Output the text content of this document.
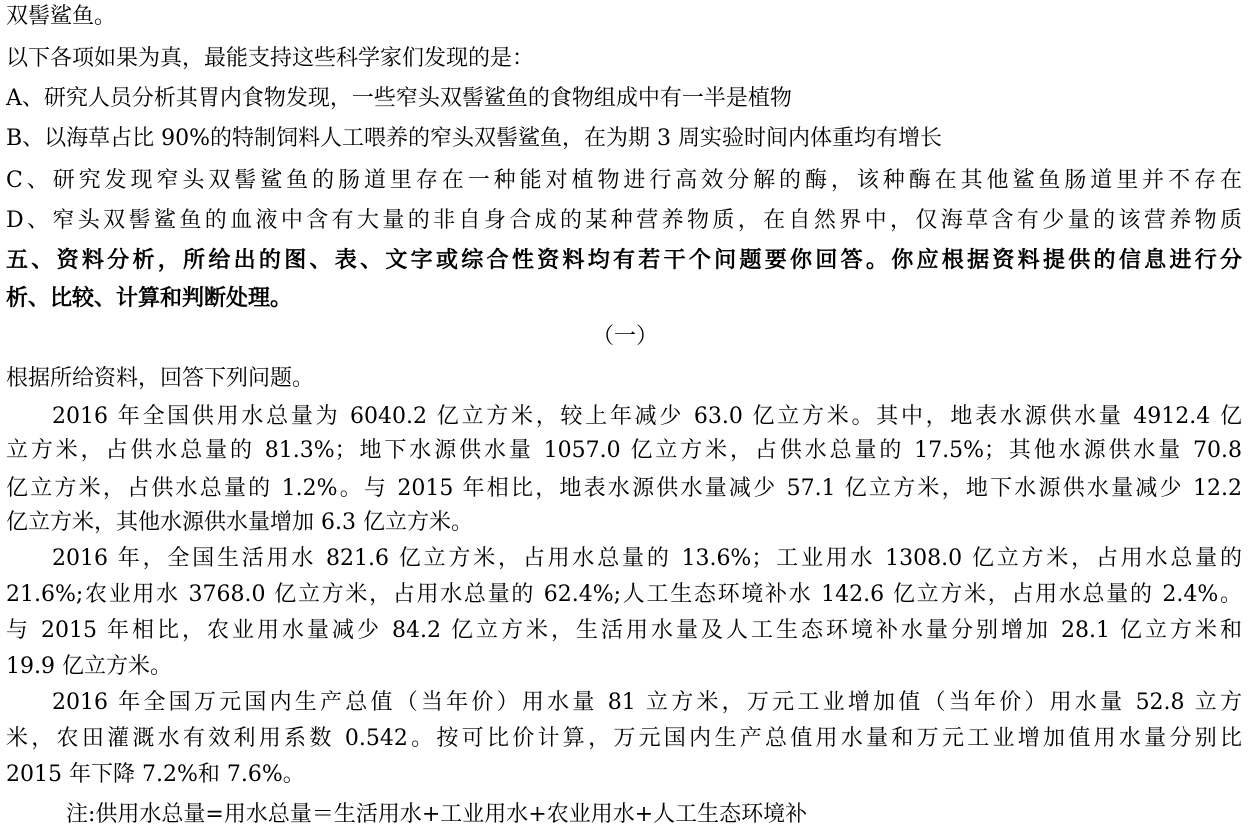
双髻鲨鱼。
以下各项如果为真，最能支持这些科学家们发现的是：
A、研究人员分析其胃内食物发现，一些窄头双髻鲨鱼的食物组成中有一半是植物
B、以海草占比 90%的特制饲料人工喂养的窄头双髻鲨鱼，在为期 3 周实验时间内体重均有增长
C、研究发现窄头双髻鲨鱼的肠道里存在一种能对植物进行高效分解的酶，该种酶在其他鲨鱼肠道里并不存在
D、窄头双髻鲨鱼的血液中含有大量的非自身合成的某种营养物质，在自然界中，仅海草含有少量的该营养物质
五、资料分析，所给出的图、表、文字或综合性资料均有若干个问题要你回答。你应根据资料提供的信息进行分
析、比较、计算和判断处理。
（一）
根据所给资料，回答下列问题。
2016 年全国供用水总量为 6040.2 亿立方米，较上年减少 63.0 亿立方米。其中，地表水源供水量 4912.4 亿
立方米，占供水总量的 81.3%；地下水源供水量 1057.0 亿立方米，占供水总量的 17.5%；其他水源供水量 70.8
亿立方米，占供水总量的 1.2%。与 2015 年相比，地表水源供水量减少 57.1 亿立方米，地下水源供水量减少 12.2
亿立方米，其他水源供水量增加 6.3 亿立方米。
2016 年，全国生活用水 821.6 亿立方米，占用水总量的 13.6%；工业用水 1308.0 亿立方米，占用水总量的
21.6%;农业用水 3768.0 亿立方米，占用水总量的 62.4%;人工生态环境补水 142.6 亿立方米，占用水总量的 2.4%。
与 2015 年相比，农业用水量减少 84.2 亿立方米，生活用水量及人工生态环境补水量分别增加 28.1 亿立方米和
19.9 亿立方米。
2016 年全国万元国内生产总值（当年价）用水量 81 立方米，万元工业增加值（当年价）用水量 52.8 立方
米，农田灌溉水有效利用系数 0.542。按可比价计算，万元国内生产总值用水量和万元工业增加值用水量分别比
2015 年下降 7.2%和 7.6%。
注:供用水总量=用水总量＝生活用水+工业用水+农业用水+人工生态环境补
